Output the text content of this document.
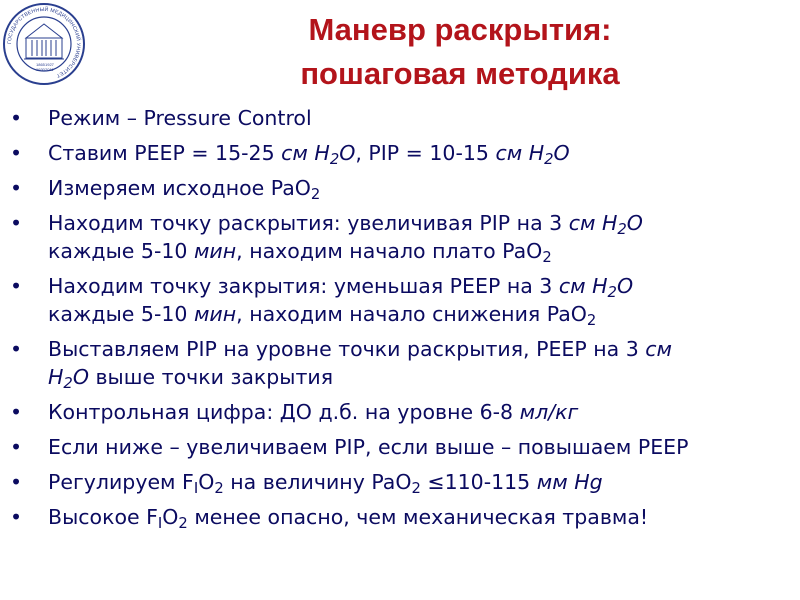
ГОСУДАРСТВЕННЫЙ МЕДИЦИНСКИЙ УНИВЕРСИТЕТ
1865 1927
1930 2011
Маневр раскрытия:
пошаговая методика
• Режим – Pressure Control
• Ставим PEEP = 15-25 см $H_2O$, PIP = 10-15 см $H_2O$
• Измеряем исходное PaO$_2$
• Находим точку раскрытия: увеличивая PIP на 3 см $H_2O$
каждые 5-10 мин, находим начало плато PaO$_2$
• Находим точку закрытия: уменьшая PEEP на 3 см $H_2O$
каждые 5-10 мин, находим начало снижения PaO$_2$
• Выставляем PIP на уровне точки раскрытия, PEEP на 3 см
$H_2O$ выше точки закрытия
• Контрольная цифра: ДО д.б. на уровне 6-8 мл/кг
• Если ниже – увеличиваем PIP, если выше – повышаем PEEP
• Регулируем $F_IO_2$ на величину PaO$_2$ ≤110-115 мм Hg
• Высокое $F_IO_2$ менее опасно, чем механическая травма!
